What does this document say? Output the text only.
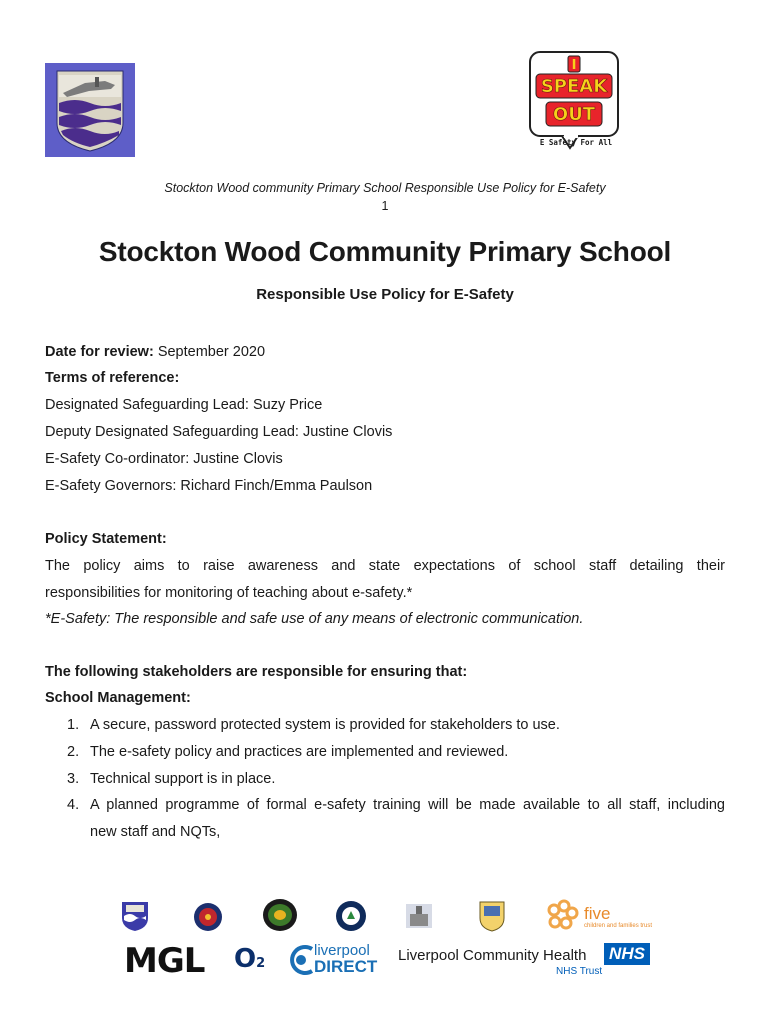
I
SPEAK
OUT
E Safety For All
Stockton Wood community Primary School Responsible Use Policy for E-Safety
1
Stockton Wood Community Primary School
Responsible Use Policy for E-Safety
Date for review: September 2020
Terms of reference:
Designated Safeguarding Lead: Suzy Price
Deputy Designated Safeguarding Lead: Justine Clovis
E-Safety Co-ordinator: Justine Clovis
E-Safety Governors: Richard Finch/Emma Paulson
Policy Statement:
The policy aims to raise awareness and state expectations of school staff detailing their
responsibilities for monitoring of teaching about e-safety.*
*E-Safety: The responsible and safe use of any means of electronic communication.
The following stakeholders are responsible for ensuring that:
School Management:
1. A secure, password protected system is provided for stakeholders to use.
2. The e-safety policy and practices are implemented and reviewed.
3. Technical support is in place.
4. A planned programme of formal e-safety training will be made available to all staff, including
new staff and NQTs,
five
children and families trust
MGL O2
liverpool
DIRECT
Liverpool Community Health NHS
NHS Trust
